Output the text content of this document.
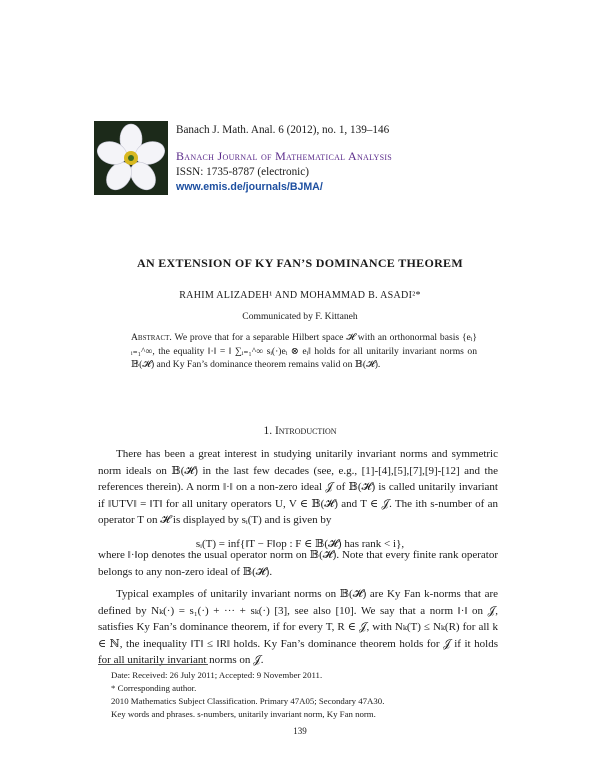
Banach J. Math. Anal. 6 (2012), no. 1, 139–146
Banach Journal of Mathematical Analysis
ISSN: 1735-8787 (electronic)
www.emis.de/journals/BJMA/
AN EXTENSION OF KY FAN’S DOMINANCE THEOREM
RAHIM ALIZADEH¹ AND MOHAMMAD B. ASADI²*
Communicated by F. Kittaneh
Abstract. We prove that for a separable Hilbert space 𝓗 with an orthonormal basis {eᵢ}ᵢ₌₁^∞, the equality ‖·‖ = ‖ ∑ᵢ₌₁^∞ sᵢ(·)eᵢ ⊗ eᵢ‖ holds for all unitarily invariant norms on 𝔹(𝓗) and Ky Fan’s dominance theorem remains valid on 𝔹(𝓗).
1. Introduction
There has been a great interest in studying unitarily invariant norms and symmetric norm ideals on 𝔹(𝓗) in the last few decades (see, e.g., [1]-[4],[5],[7],[9]-[12] and the references therein). A norm ‖·‖ on a non-zero ideal 𝒥 of 𝔹(𝓗) is called unitarily invariant if ‖UTV‖ = ‖T‖ for all unitary operators U, V ∈ 𝔹(𝓗) and T ∈ 𝒥. The ith s-number of an operator T on 𝓗 is displayed by sᵢ(T) and is given by
sᵢ(T) = inf{‖T − F‖op : F ∈ 𝔹(𝓗) has rank < i},
where ‖·‖op denotes the usual operator norm on 𝔹(𝓗). Note that every finite rank operator belongs to any non-zero ideal of 𝔹(𝓗).
Typical examples of unitarily invariant norms on 𝔹(𝓗) are Ky Fan k-norms that are defined by Nₖ(·) = s₁(·) + ··· + sₖ(·) [3], see also [10]. We say that a norm ‖·‖ on 𝒥, satisfies Ky Fan’s dominance theorem, if for every T, R ∈ 𝒥, with Nₖ(T) ≤ Nₖ(R) for all k ∈ ℕ, the inequality ‖T‖ ≤ ‖R‖ holds. Ky Fan’s dominance theorem holds for 𝒥 if it holds for all unitarily invariant norms on 𝒥.
Date: Received: 26 July 2011; Accepted: 9 November 2011.
* Corresponding author.
2010 Mathematics Subject Classification. Primary 47A05; Secondary 47A30.
Key words and phrases. s-numbers, unitarily invariant norm, Ky Fan norm.
139
